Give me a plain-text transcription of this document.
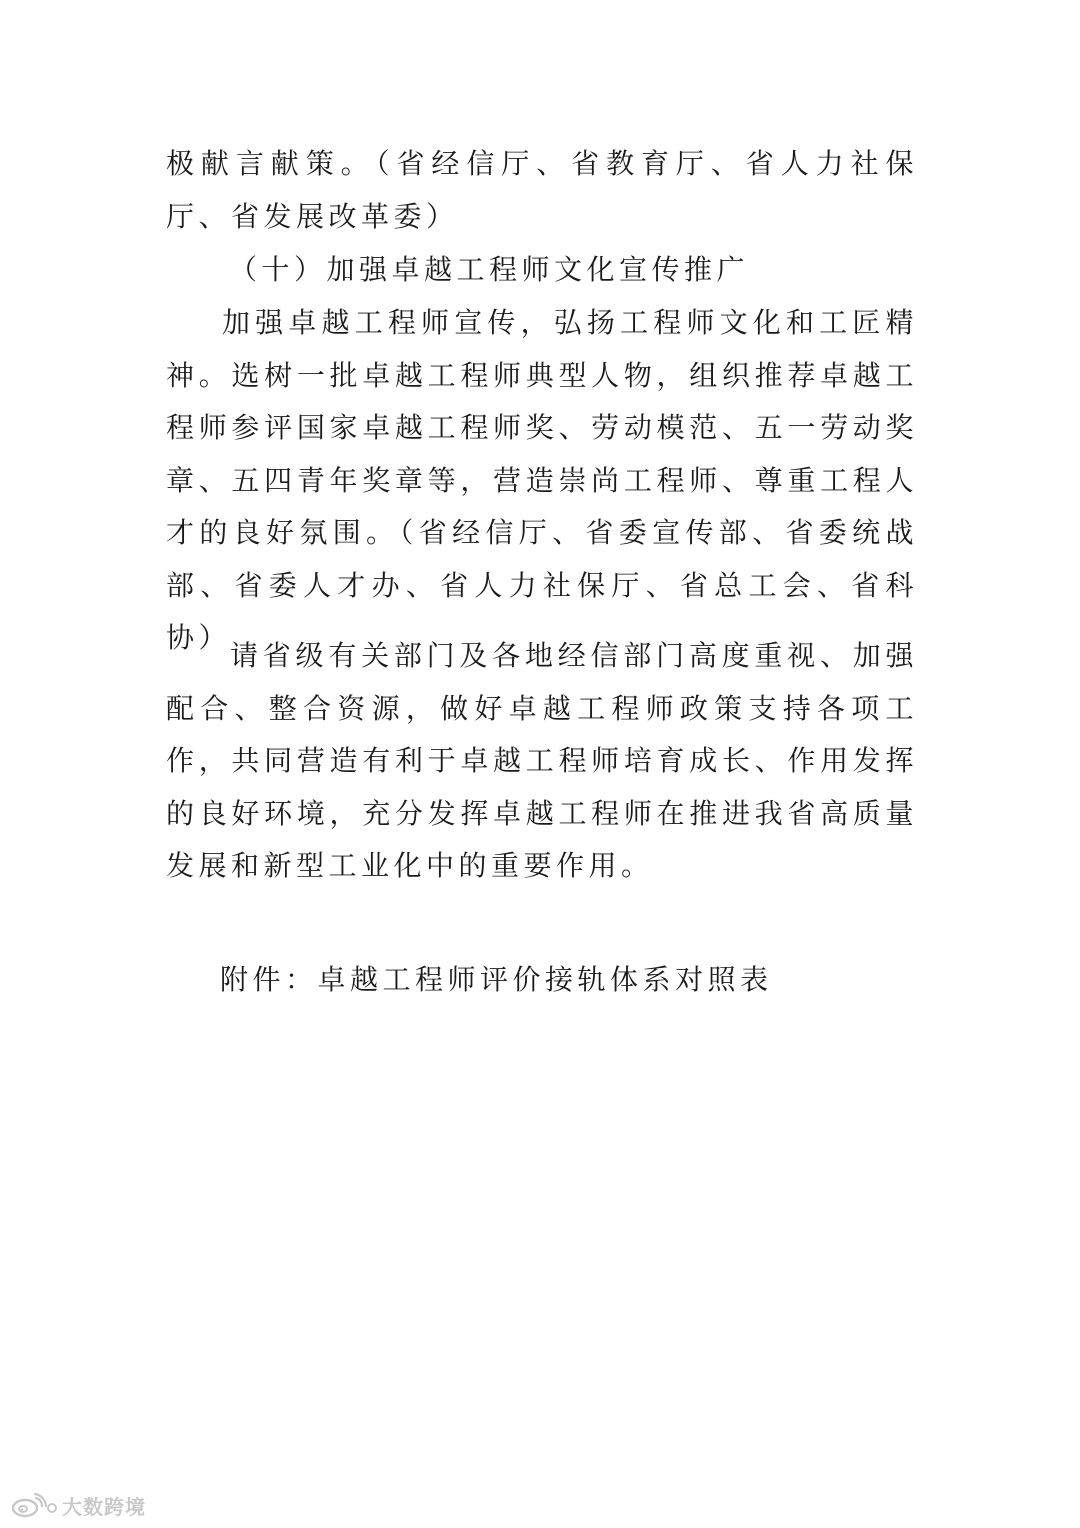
极献言献策。（省经信厅、省教育厅、省人力社保厅、省发展改革委）

（十）加强卓越工程师文化宣传推广

加强卓越工程师宣传，弘扬工程师文化和工匠精神。选树一批卓越工程师典型人物，组织推荐卓越工程师参评国家卓越工程师奖、劳动模范、五一劳动奖章、五四青年奖章等，营造崇尚工程师、尊重工程人才的良好氛围。（省经信厅、省委宣传部、省委统战部、省委人才办、省人力社保厅、省总工会、省科协）

请省级有关部门及各地经信部门高度重视、加强配合、整合资源，做好卓越工程师政策支持各项工作，共同营造有利于卓越工程师培育成长、作用发挥的良好环境，充分发挥卓越工程师在推进我省高质量发展和新型工业化中的重要作用。

附件：卓越工程师评价接轨体系对照表

大数跨境
